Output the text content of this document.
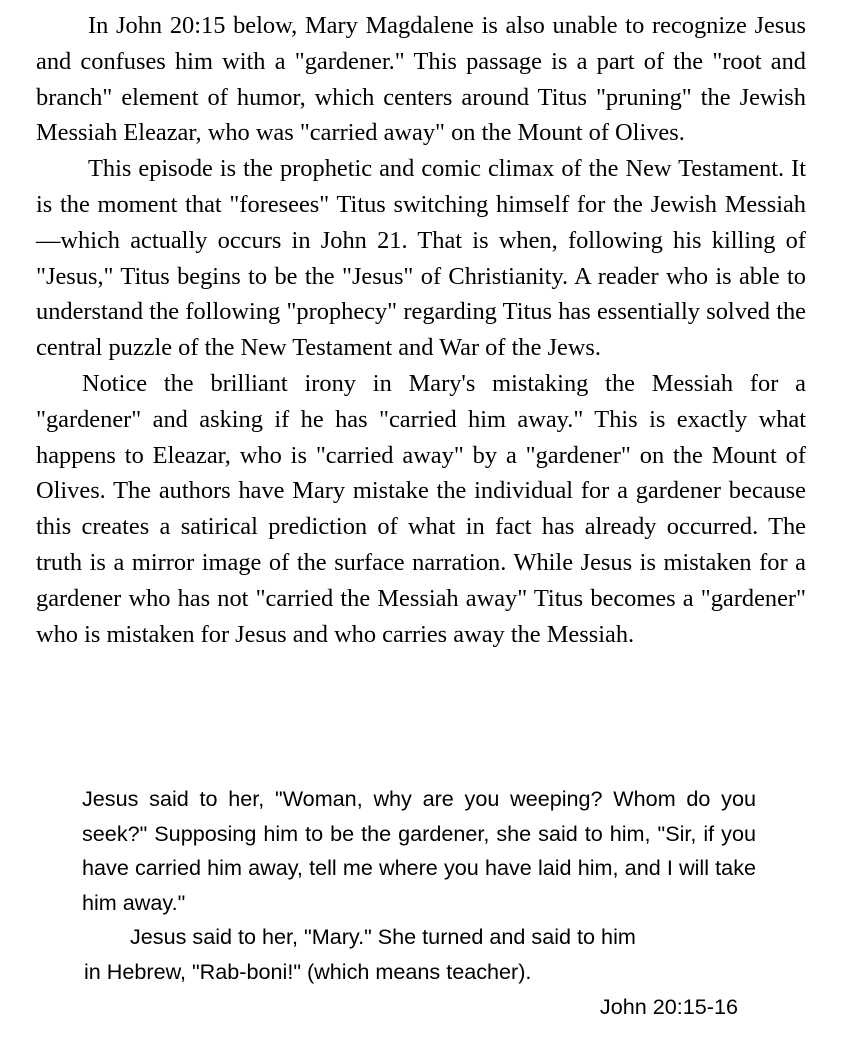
In John 20:15 below, Mary Magdalene is also unable to recognize Jesus and confuses him with a "gardener." This passage is a part of the "root and branch" element of humor, which centers around Titus "pruning" the Jewish Messiah Eleazar, who was "carried away" on the Mount of Olives.

This episode is the prophetic and comic climax of the New Testament. It is the moment that "foresees" Titus switching himself for the Jewish Messiah—which actually occurs in John 21. That is when, following his killing of "Jesus," Titus begins to be the "Jesus" of Christianity. A reader who is able to understand the following "prophecy" regarding Titus has essentially solved the central puzzle of the New Testament and War of the Jews.

Notice the brilliant irony in Mary's mistaking the Messiah for a "gardener" and asking if he has "carried him away." This is exactly what happens to Eleazar, who is "carried away" by a "gardener" on the Mount of Olives. The authors have Mary mistake the individual for a gardener because this creates a satirical prediction of what in fact has already occurred. The truth is a mirror image of the surface narration. While Jesus is mistaken for a gardener who has not "carried the Messiah away" Titus becomes a "gardener" who is mistaken for Jesus and who carries away the Messiah.

Jesus said to her, "Woman, why are you weeping? Whom do you seek?" Supposing him to be the gardener, she said to him, "Sir, if you have carried him away, tell me where you have laid him, and I will take him away."

Jesus said to her, "Mary." She turned and said to him

in Hebrew, "Rab-boni!" (which means teacher).

John 20:15-16
